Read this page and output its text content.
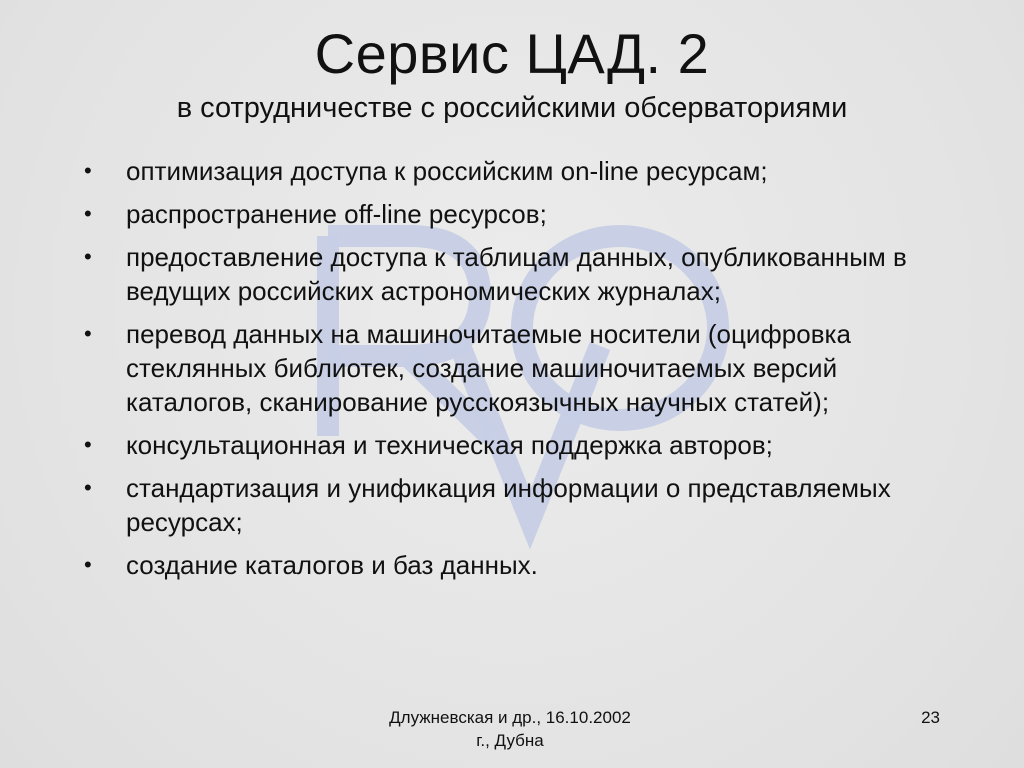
Сервис ЦАД. 2
в сотрудничестве с российскими обсерваториями
•	оптимизация доступа к российским on-line ресурсам;
•	распространение off-line ресурсов;
•	предоставление доступа к таблицам данных, опубликованным в ведущих российских астрономических журналах;
•	перевод данных на машиночитаемые носители (оцифровка стеклянных библиотек, создание машиночитаемых версий каталогов, сканирование русскоязычных научных статей);
•	консультационная и техническая поддержка авторов;
•	стандартизация и унификация информации о представляемых ресурсах;
•	создание каталогов и баз данных.
Длужневская и др., 16.10.2002
г., Дубна
23
